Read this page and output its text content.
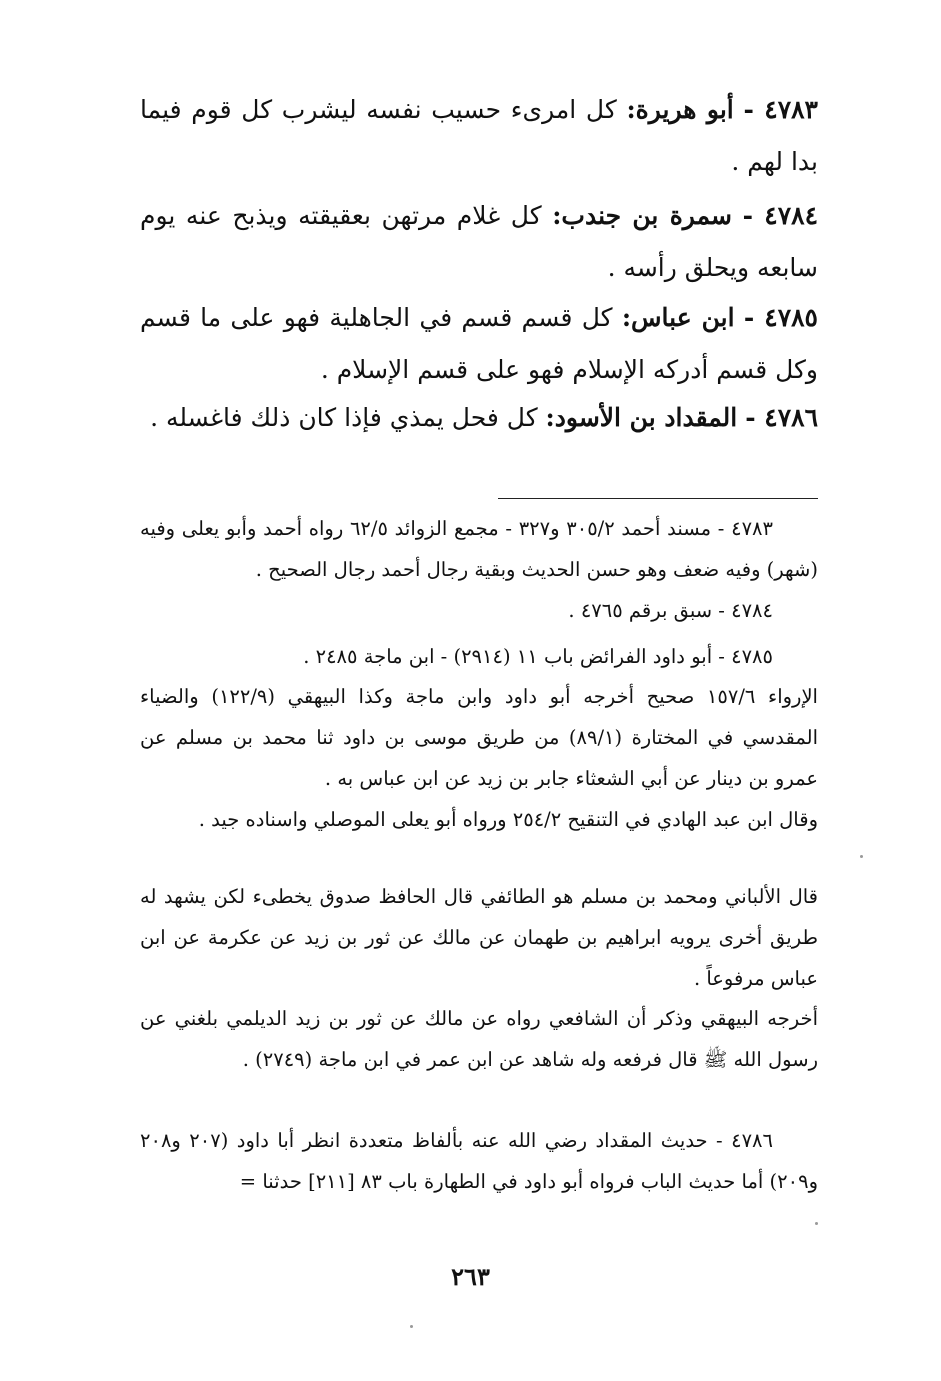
٤٧٨٣ - أبو هريرة: كل امرىء حسيب نفسه ليشرب كل قوم فيما بدا لهم .
٤٧٨٤ - سمرة بن جندب: كل غلام مرتهن بعقيقته ويذبح عنه يوم سابعه ويحلق رأسه .
٤٧٨٥ - ابن عباس: كل قسم قسم في الجاهلية فهو على ما قسم وكل قسم أدركه الإسلام فهو على قسم الإسلام .
٤٧٨٦ - المقداد بن الأسود: كل فحل يمذي فإذا كان ذلك فاغسله .
٤٧٨٣ - مسند أحمد ٣٠٥/٢ و٣٢٧ - مجمع الزوائد ٦٢/٥ رواه أحمد وأبو يعلى وفيه (شهر) وفيه ضعف وهو حسن الحديث وبقية رجال أحمد رجال الصحيح .
٤٧٨٤ - سبق برقم ٤٧٦٥ .
٤٧٨٥ - أبو داود الفرائض باب ١١ (٢٩١٤) - ابن ماجة ٢٤٨٥ .
الإرواء ١٥٧/٦ صحيح أخرجه أبو داود وابن ماجة وكذا البيهقي (١٢٢/٩) والضياء المقدسي في المختارة (٨٩/١) من طريق موسى بن داود ثنا محمد بن مسلم عن عمرو بن دينار عن أبي الشعثاء جابر بن زيد عن ابن عباس به .
وقال ابن عبد الهادي في التنقيح ٢٥٤/٢ ورواه أبو يعلى الموصلي واسناده جيد .
قال الألباني ومحمد بن مسلم هو الطائفي قال الحافظ صدوق يخطىء لكن يشهد له طريق أخرى يرويه ابراهيم بن طهمان عن مالك عن ثور بن زيد عن عكرمة عن ابن عباس مرفوعاً .
أخرجه البيهقي وذكر أن الشافعي رواه عن مالك عن ثور بن زيد الديلمي بلغني عن رسول الله ﷺ قال فرفعه وله شاهد عن ابن عمر في ابن ماجة (٢٧٤٩) .
٤٧٨٦ - حديث المقداد رضي الله عنه بألفاظ متعددة انظر أبا داود (٢٠٧ و٢٠٨ و٢٠٩) أما حديث الباب فرواه أبو داود في الطهارة باب ٨٣ [٢١١] حدثنا =
٢٦٣
